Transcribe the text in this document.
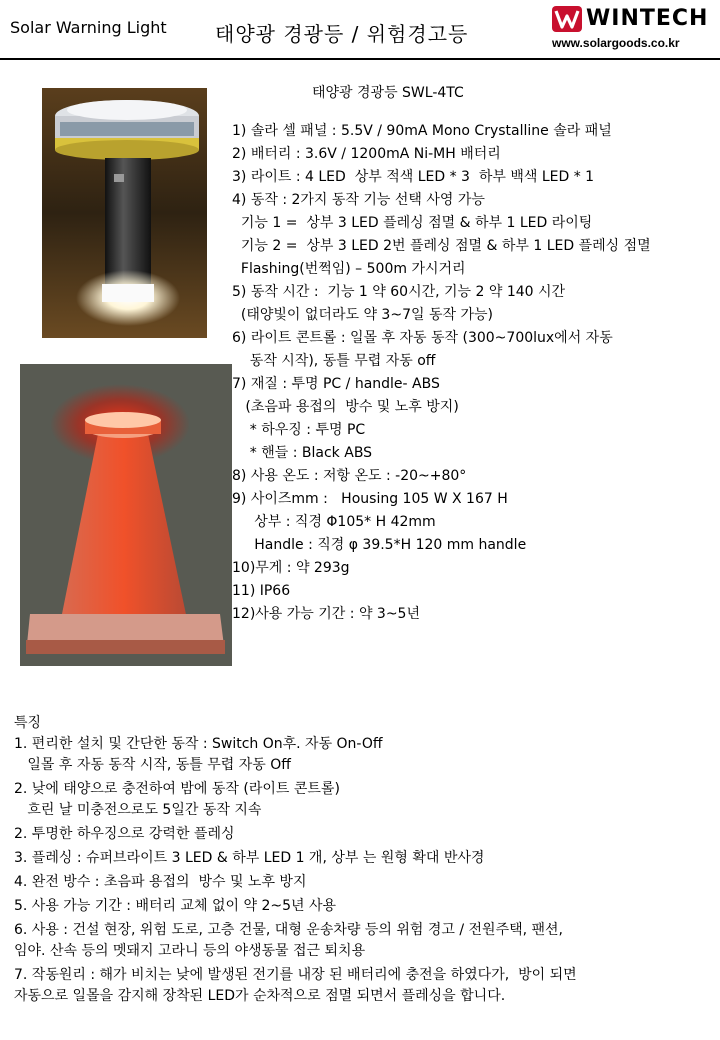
Solar Warning Light 태양광 경광등 / 위험경고등
WINTECH
www.solargoods.co.kr
태양광 경광등 SWL-4TC
1) 솔라 셀 패널 : 5.5V / 90mA Mono Crystalline 솔라 패널
2) 배터리 : 3.6V / 1200mA Ni-MH 배터리
3) 라이트 : 4 LED  상부 적색 LED * 3  하부 백색 LED * 1
4) 동작 : 2가지 동작 기능 선택 사영 가능
기능 1 =  상부 3 LED 플레싱 점멸 & 하부 1 LED 라이팅
기능 2 =  상부 3 LED 2번 플레싱 점멸 & 하부 1 LED 플레싱 점멸
Flashing(번쩍임) – 500m 가시거리
5) 동작 시간 :  기능 1 약 60시간, 기능 2 약 140 시간
(태양빛이 없더라도 약 3~7일 동작 가능)
6) 라이트 콘트롤 : 일몰 후 자동 동작 (300~700lux에서 자동
동작 시작), 동틀 무렵 자동 off
7) 재질 : 투명 PC / handle- ABS
(초음파 용접의  방수 및 노후 방지)
* 하우징 : 투명 PC
* 핸들 : Black ABS
8) 사용 온도 : 저항 온도 : -20~+80°
9) 사이즈mm :   Housing 105 W X 167 H
상부 : 직경 Φ105* H 42mm
Handle : 직경 φ 39.5*H 120 mm handle
10)무게 : 약 293g
11) IP66
12)사용 가능 기간 : 약 3~5년
특징
1. 편리한 설치 및 간단한 동작 : Switch On후. 자동 On-Off
일몰 후 자동 동작 시작, 동틀 무렵 자동 Off
2. 낮에 태양으로 충전하여 밤에 동작 (라이트 콘트롤)
흐린 날 미충전으로도 5일간 동작 지속
2. 투명한 하우징으로 강력한 플레싱
3. 플레싱 : 슈퍼브라이트 3 LED & 하부 LED 1 개, 상부 는 원형 확대 반사경
4. 완전 방수 : 초음파 용접의  방수 및 노후 방지
5. 사용 가능 기간 : 배터리 교체 없이 약 2~5년 사용
6. 사용 : 건설 현장, 위험 도로, 고층 건물, 대형 운송차량 등의 위험 경고 / 전원주택, 팬션,
임야. 산속 등의 멧돼지 고라니 등의 야생동물 접근 퇴치용
7. 작동원리 : 해가 비치는 낮에 발생된 전기를 내장 된 배터리에 충전을 하였다가,  방이 되면
자동으로 일몰을 감지해 장착된 LED가 순차적으로 점멸 되면서 플레싱을 합니다.
